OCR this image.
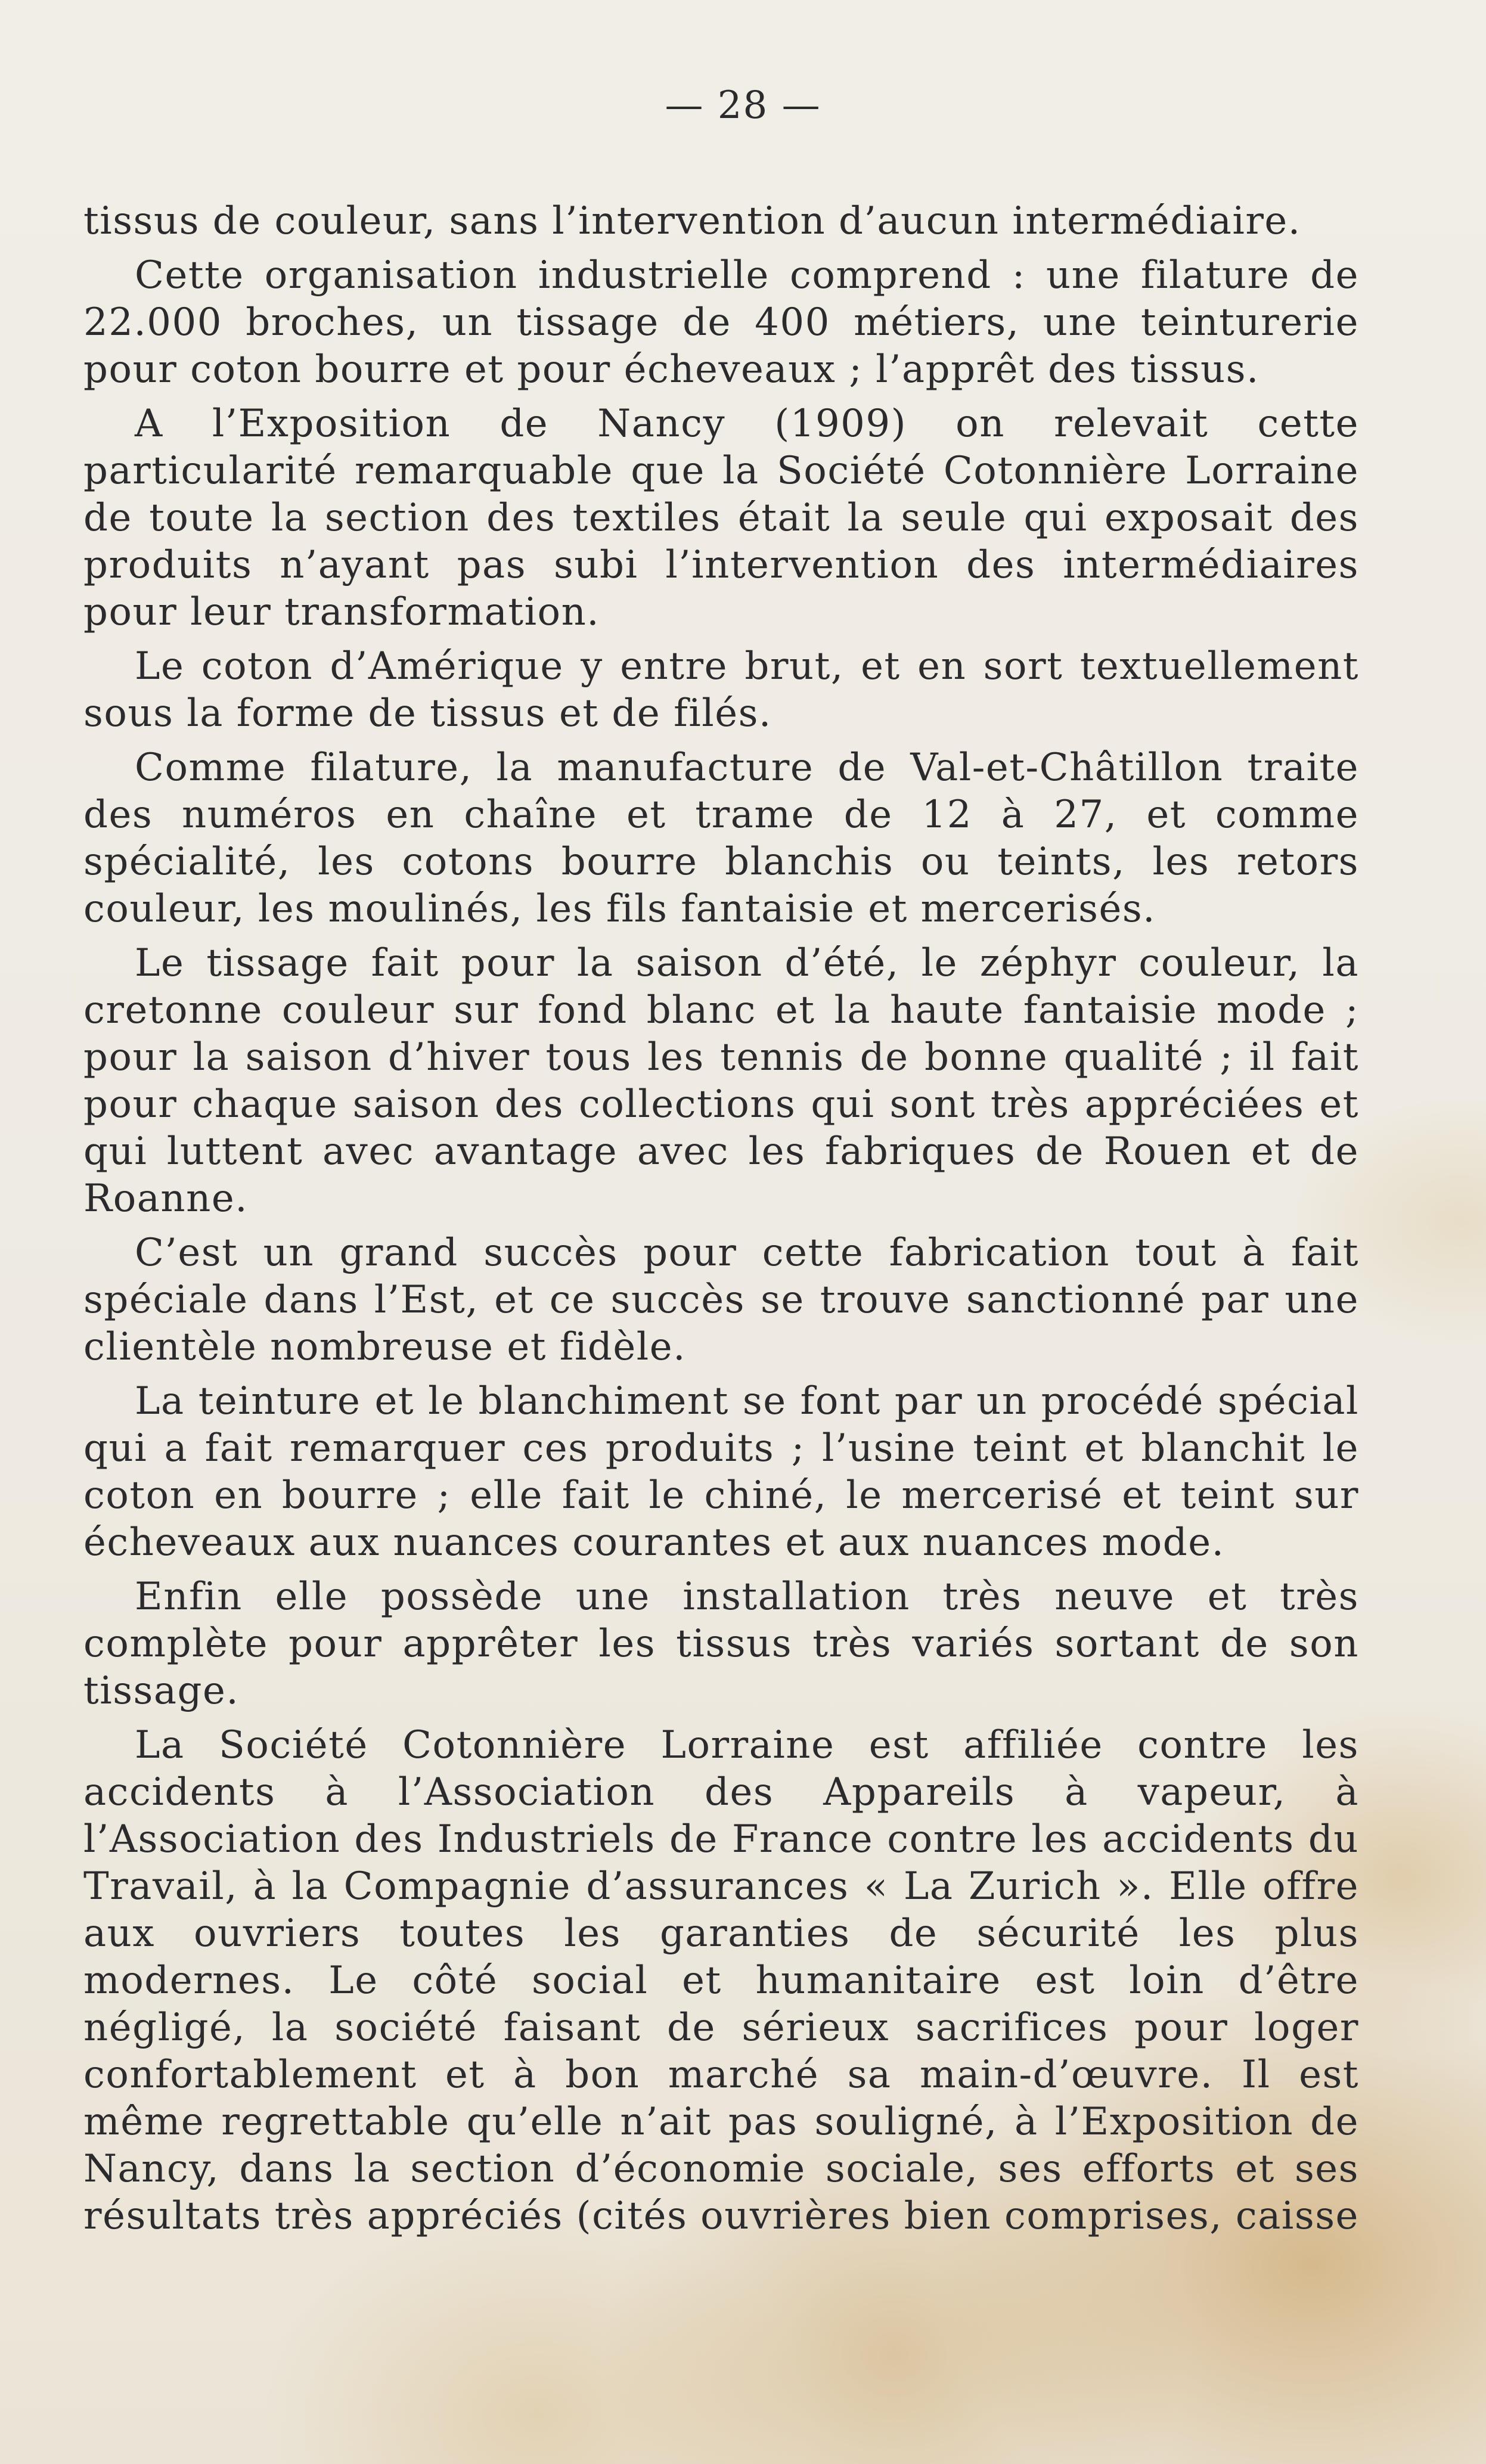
— 28 —

tissus de couleur, sans l’intervention d’aucun intermédiaire.

Cette organisation industrielle comprend : une filature de 22.000 broches, un tissage de 400 métiers, une teinturerie pour coton bourre et pour écheveaux ; l’apprêt des tissus.

A l’Exposition de Nancy (1909) on relevait cette particularité remarquable que la Société Cotonnière Lorraine de toute la section des textiles était la seule qui exposait des produits n’ayant pas subi l’intervention des intermédiaires pour leur transformation.

Le coton d’Amérique y entre brut, et en sort textuellement sous la forme de tissus et de filés.

Comme filature, la manufacture de Val-et-Châtillon traite des numéros en chaîne et trame de 12 à 27, et comme spécialité, les cotons bourre blanchis ou teints, les retors couleur, les moulinés, les fils fantaisie et mercerisés.

Le tissage fait pour la saison d’été, le zéphyr couleur, la cretonne couleur sur fond blanc et la haute fantaisie mode ; pour la saison d’hiver tous les tennis de bonne qualité ; il fait pour chaque saison des collections qui sont très appréciées et qui luttent avec avantage avec les fabriques de Rouen et de Roanne.

C’est un grand succès pour cette fabrication tout à fait spéciale dans l’Est, et ce succès se trouve sanctionné par une clientèle nombreuse et fidèle.

La teinture et le blanchiment se font par un procédé spécial qui a fait remarquer ces produits ; l’usine teint et blanchit le coton en bourre ; elle fait le chiné, le mercerisé et teint sur écheveaux aux nuances courantes et aux nuances mode.

Enfin elle possède une installation très neuve et très complète pour apprêter les tissus très variés sortant de son tissage.

La Société Cotonnière Lorraine est affiliée contre les accidents à l’Association des Appareils à vapeur, à l’Association des Industriels de France contre les accidents du Travail, à la Compagnie d’assurances « La Zurich ». Elle offre aux ouvriers toutes les garanties de sécurité les plus modernes. Le côté social et humanitaire est loin d’être négligé, la société faisant de sérieux sacrifices pour loger confortablement et à bon marché sa main-d’œuvre. Il est même regrettable qu’elle n’ait pas souligné, à l’Exposition de Nancy, dans la section d’économie sociale, ses efforts et ses résultats très appréciés (cités ouvrières bien comprises, caisse
